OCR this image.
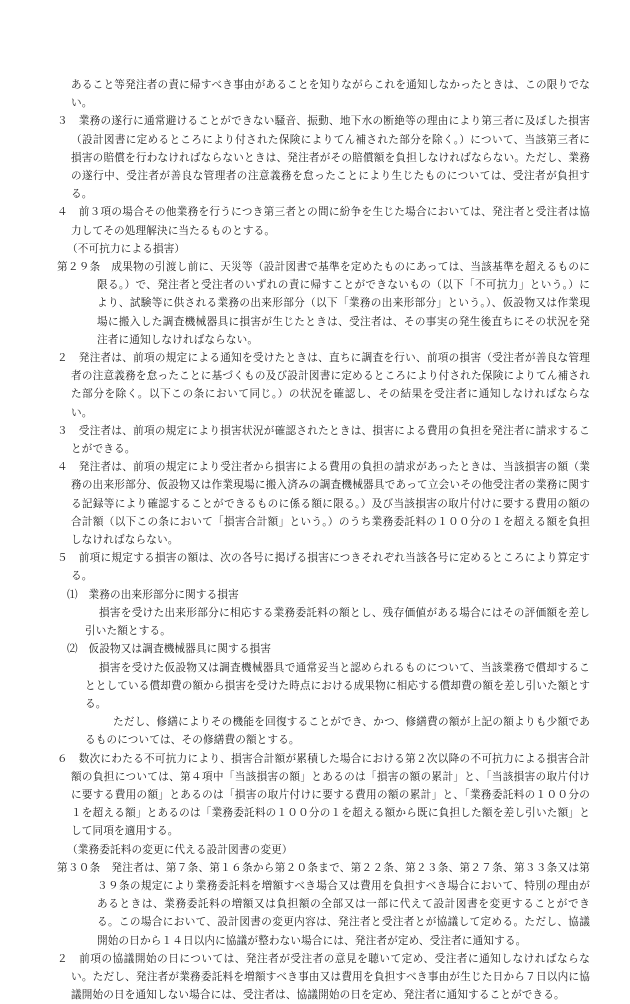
あること等発注者の責に帰すべき事由があることを知りながらこれを通知しなかったときは、この限りでない。

３　業務の遂行に通常避けることができない騒音、振動、地下水の断絶等の理由により第三者に及ぼした損害（設計図書に定めるところにより付された保険によりてん補された部分を除く。）について、当該第三者に損害の賠償を行わなければならないときは、発注者がその賠償額を負担しなければならない。ただし、業務の遂行中、受注者が善良な管理者の注意義務を怠ったことにより生じたものについては、受注者が負担する。

４　前３項の場合その他業務を行うにつき第三者との間に紛争を生じた場合においては、発注者と受注者は協力してその処理解決に当たるものとする。

（不可抗力による損害）

第２９条　成果物の引渡し前に、天災等（設計図書で基準を定めたものにあっては、当該基準を超えるものに限る。）で、発注者と受注者のいずれの責に帰すことができないもの（以下「不可抗力」という。）により、試験等に供される業務の出来形部分（以下「業務の出来形部分」という。）、仮設物又は作業現場に搬入した調査機械器具に損害が生じたときは、受注者は、その事実の発生後直ちにその状況を発注者に通知しなければならない。

２　発注者は、前項の規定による通知を受けたときは、直ちに調査を行い、前項の損害（受注者が善良な管理者の注意義務を怠ったことに基づくもの及び設計図書に定めるところにより付された保険によりてん補された部分を除く。以下この条において同じ。）の状況を確認し、その結果を受注者に通知しなければならない。

３　受注者は、前項の規定により損害状況が確認されたときは、損害による費用の負担を発注者に請求することができる。

４　発注者は、前項の規定により受注者から損害による費用の負担の請求があったときは、当該損害の額（業務の出来形部分、仮設物又は作業現場に搬入済みの調査機械器具であって立会いその他受注者の業務に関する記録等により確認することができるものに係る額に限る。）及び当該損害の取片付けに要する費用の額の合計額（以下この条において「損害合計額」という。）のうち業務委託料の１００分の１を超える額を負担しなければならない。

５　前項に規定する損害の額は、次の各号に掲げる損害につきそれぞれ当該各号に定めるところにより算定する。

⑴　業務の出来形部分に関する損害

損害を受けた出来形部分に相応する業務委託料の額とし、残存価値がある場合にはその評価額を差し引いた額とする。

⑵　仮設物又は調査機械器具に関する損害

損害を受けた仮設物又は調査機械器具で通常妥当と認められるものについて、当該業務で償却することとしている償却費の額から損害を受けた時点における成果物に相応する償却費の額を差し引いた額とする。

ただし、修繕によりその機能を回復することができ、かつ、修繕費の額が上記の額よりも少額であるものについては、その修繕費の額とする。

６　数次にわたる不可抗力により、損害合計額が累積した場合における第２次以降の不可抗力による損害合計額の負担については、第４項中「当該損害の額」とあるのは「損害の額の累計」と、「当該損害の取片付けに要する費用の額」とあるのは「損害の取片付けに要する費用の額の累計」と、「業務委託料の１００分の１を超える額」とあるのは「業務委託料の１００分の１を超える額から既に負担した額を差し引いた額」として同項を適用する。

（業務委託料の変更に代える設計図書の変更）

第３０条　発注者は、第７条、第１６条から第２０条まで、第２２条、第２３条、第２７条、第３３条又は第３９条の規定により業務委託料を増額すべき場合又は費用を負担すべき場合において、特別の理由があるときは、業務委託料の増額又は負担額の全部又は一部に代えて設計図書を変更することができる。この場合において、設計図書の変更内容は、発注者と受注者とが協議して定める。ただし、協議開始の日から１４日以内に協議が整わない場合には、発注者が定め、受注者に通知する。

２　前項の協議開始の日については、発注者が受注者の意見を聴いて定め、受注者に通知しなければならない。ただし、発注者が業務委託料を増額すべき事由又は費用を負担すべき事由が生じた日から７日以内に協議開始の日を通知しない場合には、受注者は、協議開始の日を定め、発注者に通知することができる。
